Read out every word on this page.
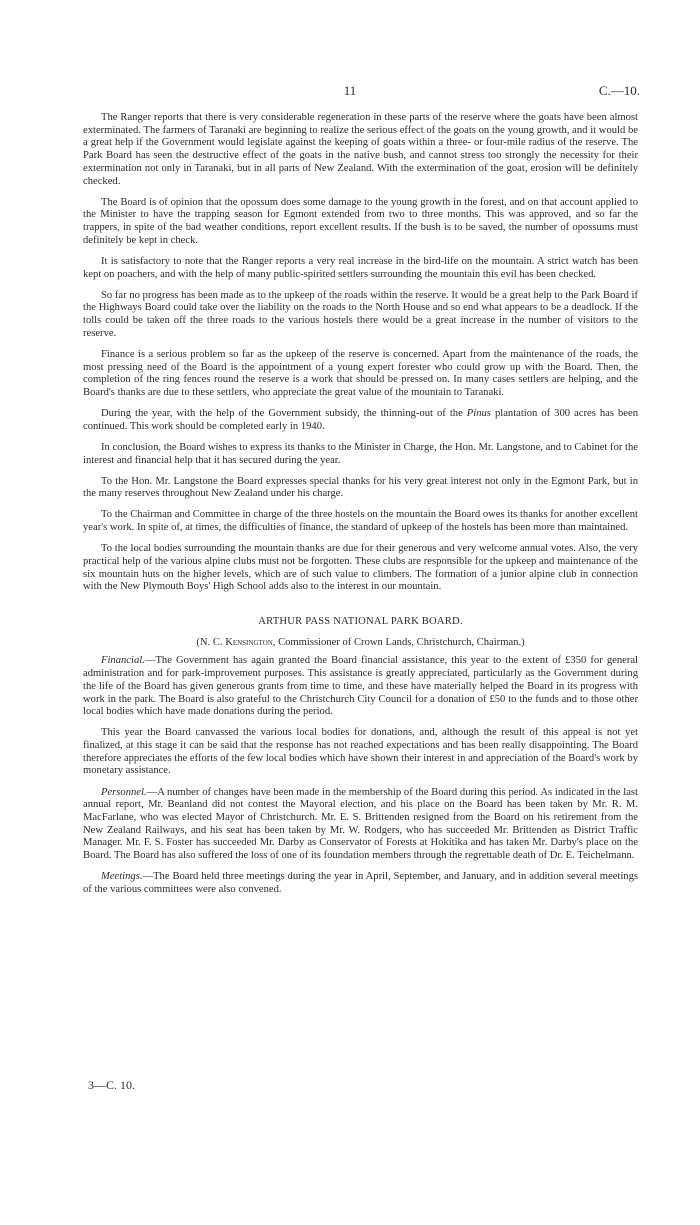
11	C.—10.

The Ranger reports that there is very considerable regeneration in these parts of the reserve where the goats have been almost exterminated. The farmers of Taranaki are beginning to realize the serious effect of the goats on the young growth, and it would be a great help if the Government would legislate against the keeping of goats within a three- or four-mile radius of the reserve. The Park Board has seen the destructive effect of the goats in the native bush, and cannot stress too strongly the necessity for their extermination not only in Taranaki, but in all parts of New Zealand. With the extermination of the goat, erosion will be definitely checked.

The Board is of opinion that the opossum does some damage to the young growth in the forest, and on that account applied to the Minister to have the trapping season for Egmont extended from two to three months. This was approved, and so far the trappers, in spite of the bad weather conditions, report excellent results. If the bush is to be saved, the number of opossums must definitely be kept in check.

It is satisfactory to note that the Ranger reports a very real increase in the bird-life on the mountain. A strict watch has been kept on poachers, and with the help of many public-spirited settlers surrounding the mountain this evil has been checked.

So far no progress has been made as to the upkeep of the roads within the reserve. It would be a great help to the Park Board if the Highways Board could take over the liability on the roads to the North House and so end what appears to be a deadlock. If the tolls could be taken off the three roads to the various hostels there would be a great increase in the number of visitors to the reserve.

Finance is a serious problem so far as the upkeep of the reserve is concerned. Apart from the maintenance of the roads, the most pressing need of the Board is the appointment of a young expert forester who could grow up with the Board. Then, the completion of the ring fences round the reserve is a work that should be pressed on. In many cases settlers are helping, and the Board's thanks are due to these settlers, who appreciate the great value of the mountain to Taranaki.

During the year, with the help of the Government subsidy, the thinning-out of the Pinus plantation of 300 acres has been continued. This work should be completed early in 1940.

In conclusion, the Board wishes to express its thanks to the Minister in Charge, the Hon. Mr. Langstone, and to Cabinet for the interest and financial help that it has secured during the year.

To the Hon. Mr. Langstone the Board expresses special thanks for his very great interest not only in the Egmont Park, but in the many reserves throughout New Zealand under his charge.

To the Chairman and Committee in charge of the three hostels on the mountain the Board owes its thanks for another excellent year's work. In spite of, at times, the difficulties of finance, the standard of upkeep of the hostels has been more than maintained.

To the local bodies surrounding the mountain thanks are due for their generous and very welcome annual votes. Also, the very practical help of the various alpine clubs must not be forgotten. These clubs are responsible for the upkeep and maintenance of the six mountain huts on the higher levels, which are of such value to climbers. The formation of a junior alpine club in connection with the New Plymouth Boys' High School adds also to the interest in our mountain.

ARTHUR PASS NATIONAL PARK BOARD.
(N. C. Kensington, Commissioner of Crown Lands, Christchurch, Chairman.)

Financial.—The Government has again granted the Board financial assistance, this year to the extent of £350 for general administration and for park-improvement purposes. This assistance is greatly appreciated, particularly as the Government during the life of the Board has given generous grants from time to time, and these have materially helped the Board in its progress with work in the park. The Board is also grateful to the Christchurch City Council for a donation of £50 to the funds and to those other local bodies which have made donations during the period.

This year the Board canvassed the various local bodies for donations, and, although the result of this appeal is not yet finalized, at this stage it can be said that the response has not reached expectations and has been really disappointing. The Board therefore appreciates the efforts of the few local bodies which have shown their interest in and appreciation of the Board's work by monetary assistance.

Personnel.—A number of changes have been made in the membership of the Board during this period. As indicated in the last annual report, Mr. Beanland did not contest the Mayoral election, and his place on the Board has been taken by Mr. R. M. MacFarlane, who was elected Mayor of Christchurch. Mr. E. S. Brittenden resigned from the Board on his retirement from the New Zealand Railways, and his seat has been taken by Mr. W. Rodgers, who has succeeded Mr. Brittenden as District Traffic Manager. Mr. F. S. Foster has succeeded Mr. Darby as Conservator of Forests at Hokitika and has taken Mr. Darby's place on the Board. The Board has also suffered the loss of one of its foundation members through the regrettable death of Dr. E. Teichelmann.

Meetings.—The Board held three meetings during the year in April, September, and January, and in addition several meetings of the various committees were also convened.

3—C. 10.
